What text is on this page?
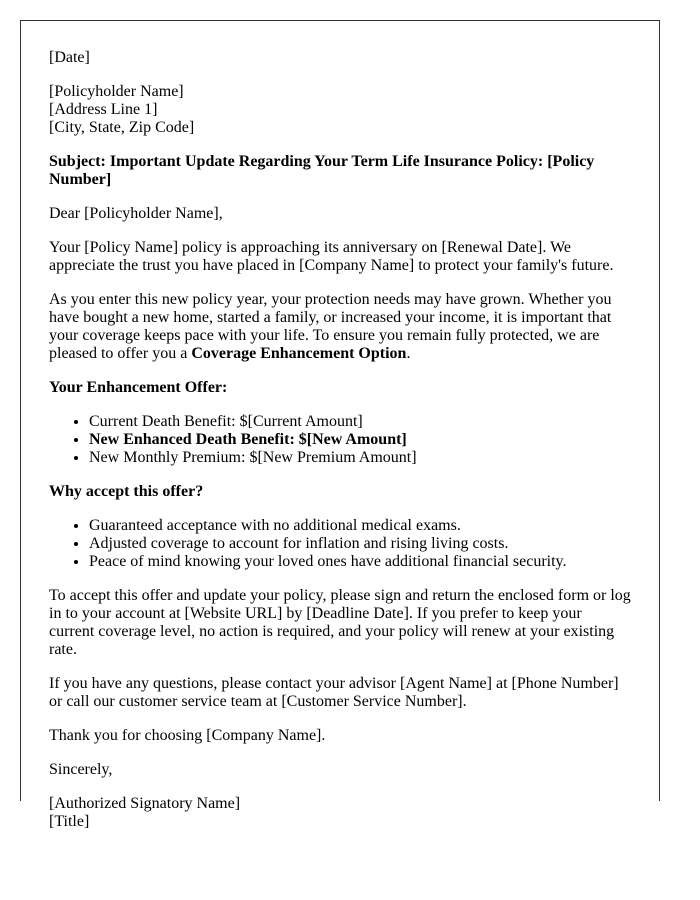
[Date]

[Policyholder Name]
[Address Line 1]
[City, State, Zip Code]

Subject: Important Update Regarding Your Term Life Insurance Policy: [Policy Number]

Dear [Policyholder Name],

Your [Policy Name] policy is approaching its anniversary on [Renewal Date]. We appreciate the trust you have placed in [Company Name] to protect your family's future.

As you enter this new policy year, your protection needs may have grown. Whether you have bought a new home, started a family, or increased your income, it is important that your coverage keeps pace with your life. To ensure you remain fully protected, we are pleased to offer you a Coverage Enhancement Option.

Your Enhancement Offer:

• Current Death Benefit: $[Current Amount]
• New Enhanced Death Benefit: $[New Amount]
• New Monthly Premium: $[New Premium Amount]

Why accept this offer?

• Guaranteed acceptance with no additional medical exams.
• Adjusted coverage to account for inflation and rising living costs.
• Peace of mind knowing your loved ones have additional financial security.

To accept this offer and update your policy, please sign and return the enclosed form or log in to your account at [Website URL] by [Deadline Date]. If you prefer to keep your current coverage level, no action is required, and your policy will renew at your existing rate.

If you have any questions, please contact your advisor [Agent Name] at [Phone Number] or call our customer service team at [Customer Service Number].

Thank you for choosing [Company Name].

Sincerely,

[Authorized Signatory Name]
[Title]
